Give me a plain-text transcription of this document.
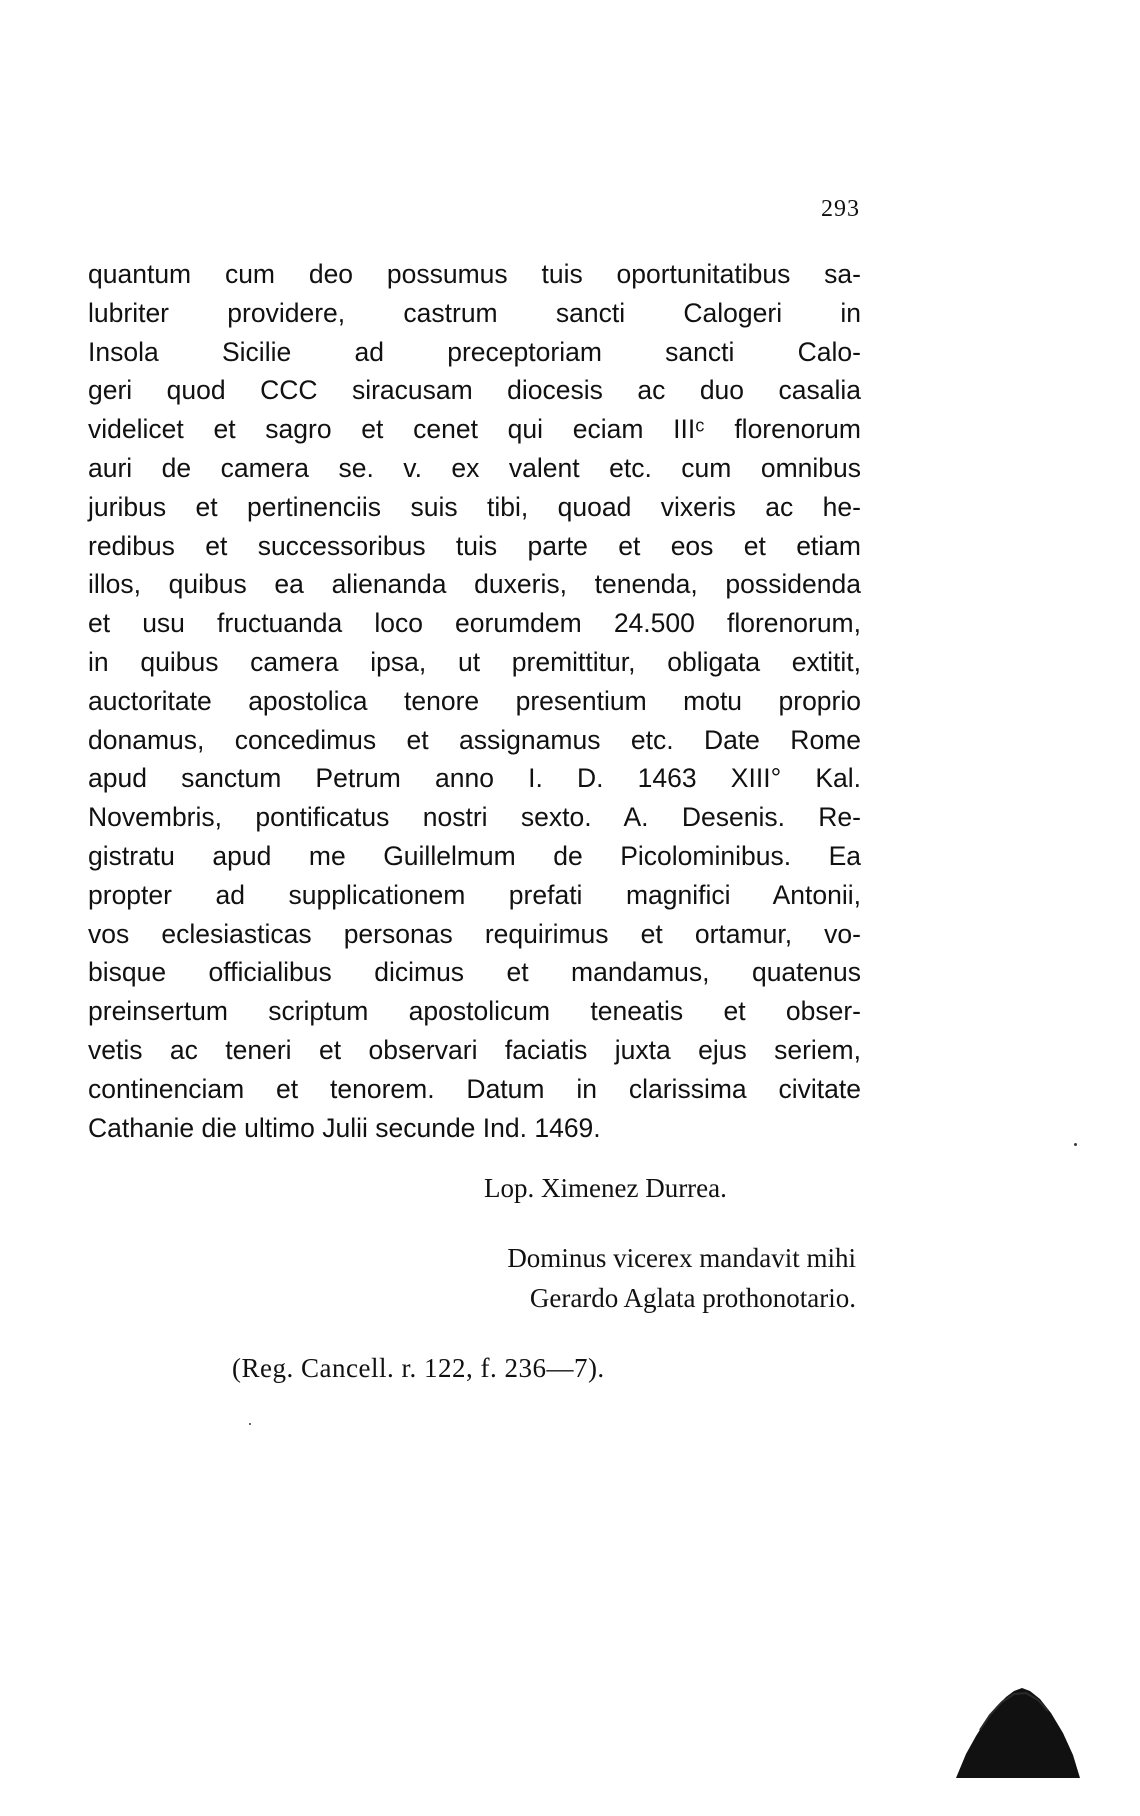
293
quantum cum deo possumus tuis oportunitatibus sa-
lubriter providere, castrum sancti Calogeri in
Insola Sicilie ad preceptoriam sancti Calo-
geri quod CCC siracusam diocesis ac duo casalia
videlicet et sagro et cenet qui eciam IIIᶜ florenorum
auri de camera se. v. ex valent etc. cum omnibus
juribus et pertinenciis suis tibi, quoad vixeris ac he-
redibus et successoribus tuis parte et eos et etiam
illos, quibus ea alienanda duxeris, tenenda, possidenda
et usu fructuanda loco eorumdem 24.500 florenorum,
in quibus camera ipsa, ut premittitur, obligata extitit,
auctoritate apostolica tenore presentium motu proprio
donamus, concedimus et assignamus etc. Date Rome
apud sanctum Petrum anno I. D. 1463 XIII° Kal.
Novembris, pontificatus nostri sexto. A. Desenis. Re-
gistratu apud me Guillelmum de Picolominibus. Ea
propter ad supplicationem prefati magnifici Antonii,
vos eclesiasticas personas requirimus et ortamur, vo-
bisque officialibus dicimus et mandamus, quatenus
preinsertum scriptum apostolicum teneatis et obser-
vetis ac teneri et observari faciatis juxta ejus seriem,
continenciam et tenorem. Datum in clarissima civitate
Cathanie die ultimo Julii secunde Ind. 1469.
Lop. Ximenez Durrea.
Dominus vicerex mandavit mihi
Gerardo Aglata prothonotario.
(Reg. Cancell. r. 122, f. 236—7).
